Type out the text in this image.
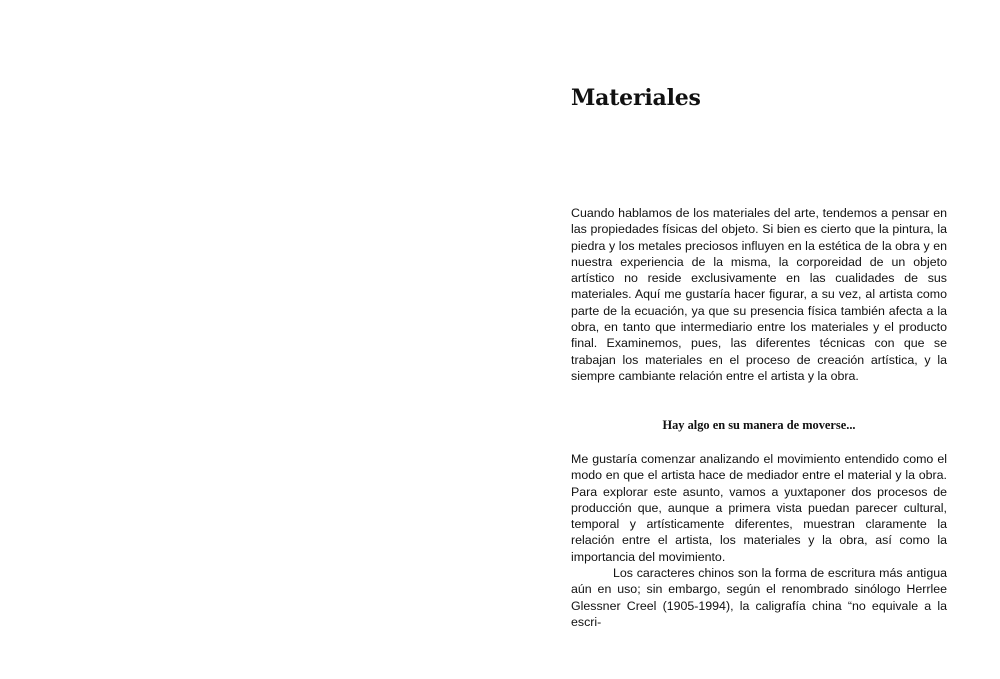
Materiales

Cuando hablamos de los materiales del arte, tendemos a pensar en las propiedades físicas del objeto. Si bien es cierto que la pintura, la piedra y los metales preciosos influyen en la estética de la obra y en nuestra experiencia de la misma, la corporeidad de un objeto artístico no reside exclusivamente en las cualidades de sus materiales. Aquí me gustaría hacer figurar, a su vez, al artista como parte de la ecuación, ya que su presencia física también afecta a la obra, en tanto que intermediario entre los materiales y el producto final. Examinemos, pues, las diferentes técnicas con que se trabajan los materiales en el proceso de creación artística, y la siempre cambiante relación entre el artista y la obra.

Hay algo en su manera de moverse...

Me gustaría comenzar analizando el movimiento entendido como el modo en que el artista hace de mediador entre el material y la obra. Para explorar este asunto, vamos a yuxtaponer dos procesos de producción que, aunque a primera vista puedan parecer cultural, temporal y artísticamente diferentes, muestran claramente la relación entre el artista, los materiales y la obra, así como la importancia del movimiento.

Los caracteres chinos son la forma de escritura más antigua aún en uso; sin embargo, según el renombrado sinólogo Herrlee Glessner Creel (1905-1994), la caligrafía china “no equivale a la escri-
